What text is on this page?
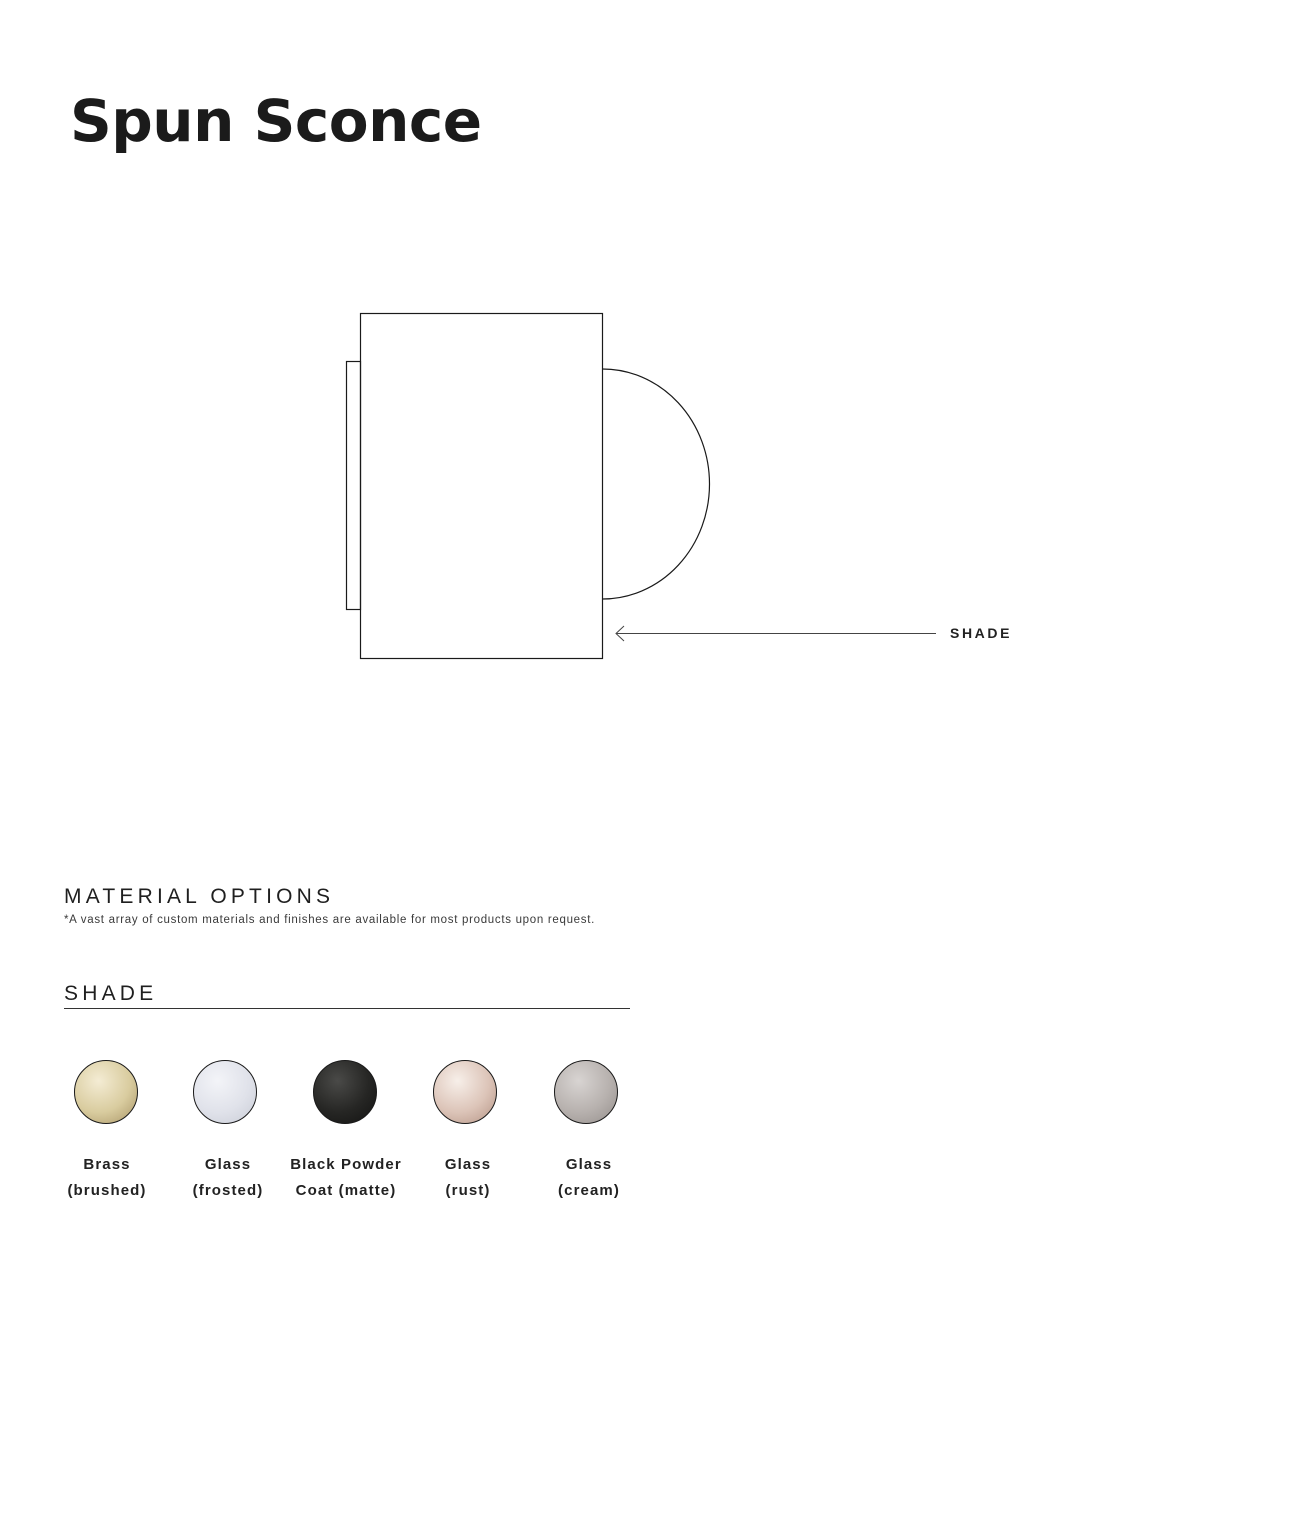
Spun Sconce
SHADE
MATERIAL OPTIONS
*A vast array of custom materials and finishes are available for most products upon request.
SHADE
Brass
(brushed)
Glass
(frosted)
Black Powder
Coat (matte)
Glass
(rust)
Glass
(cream)
